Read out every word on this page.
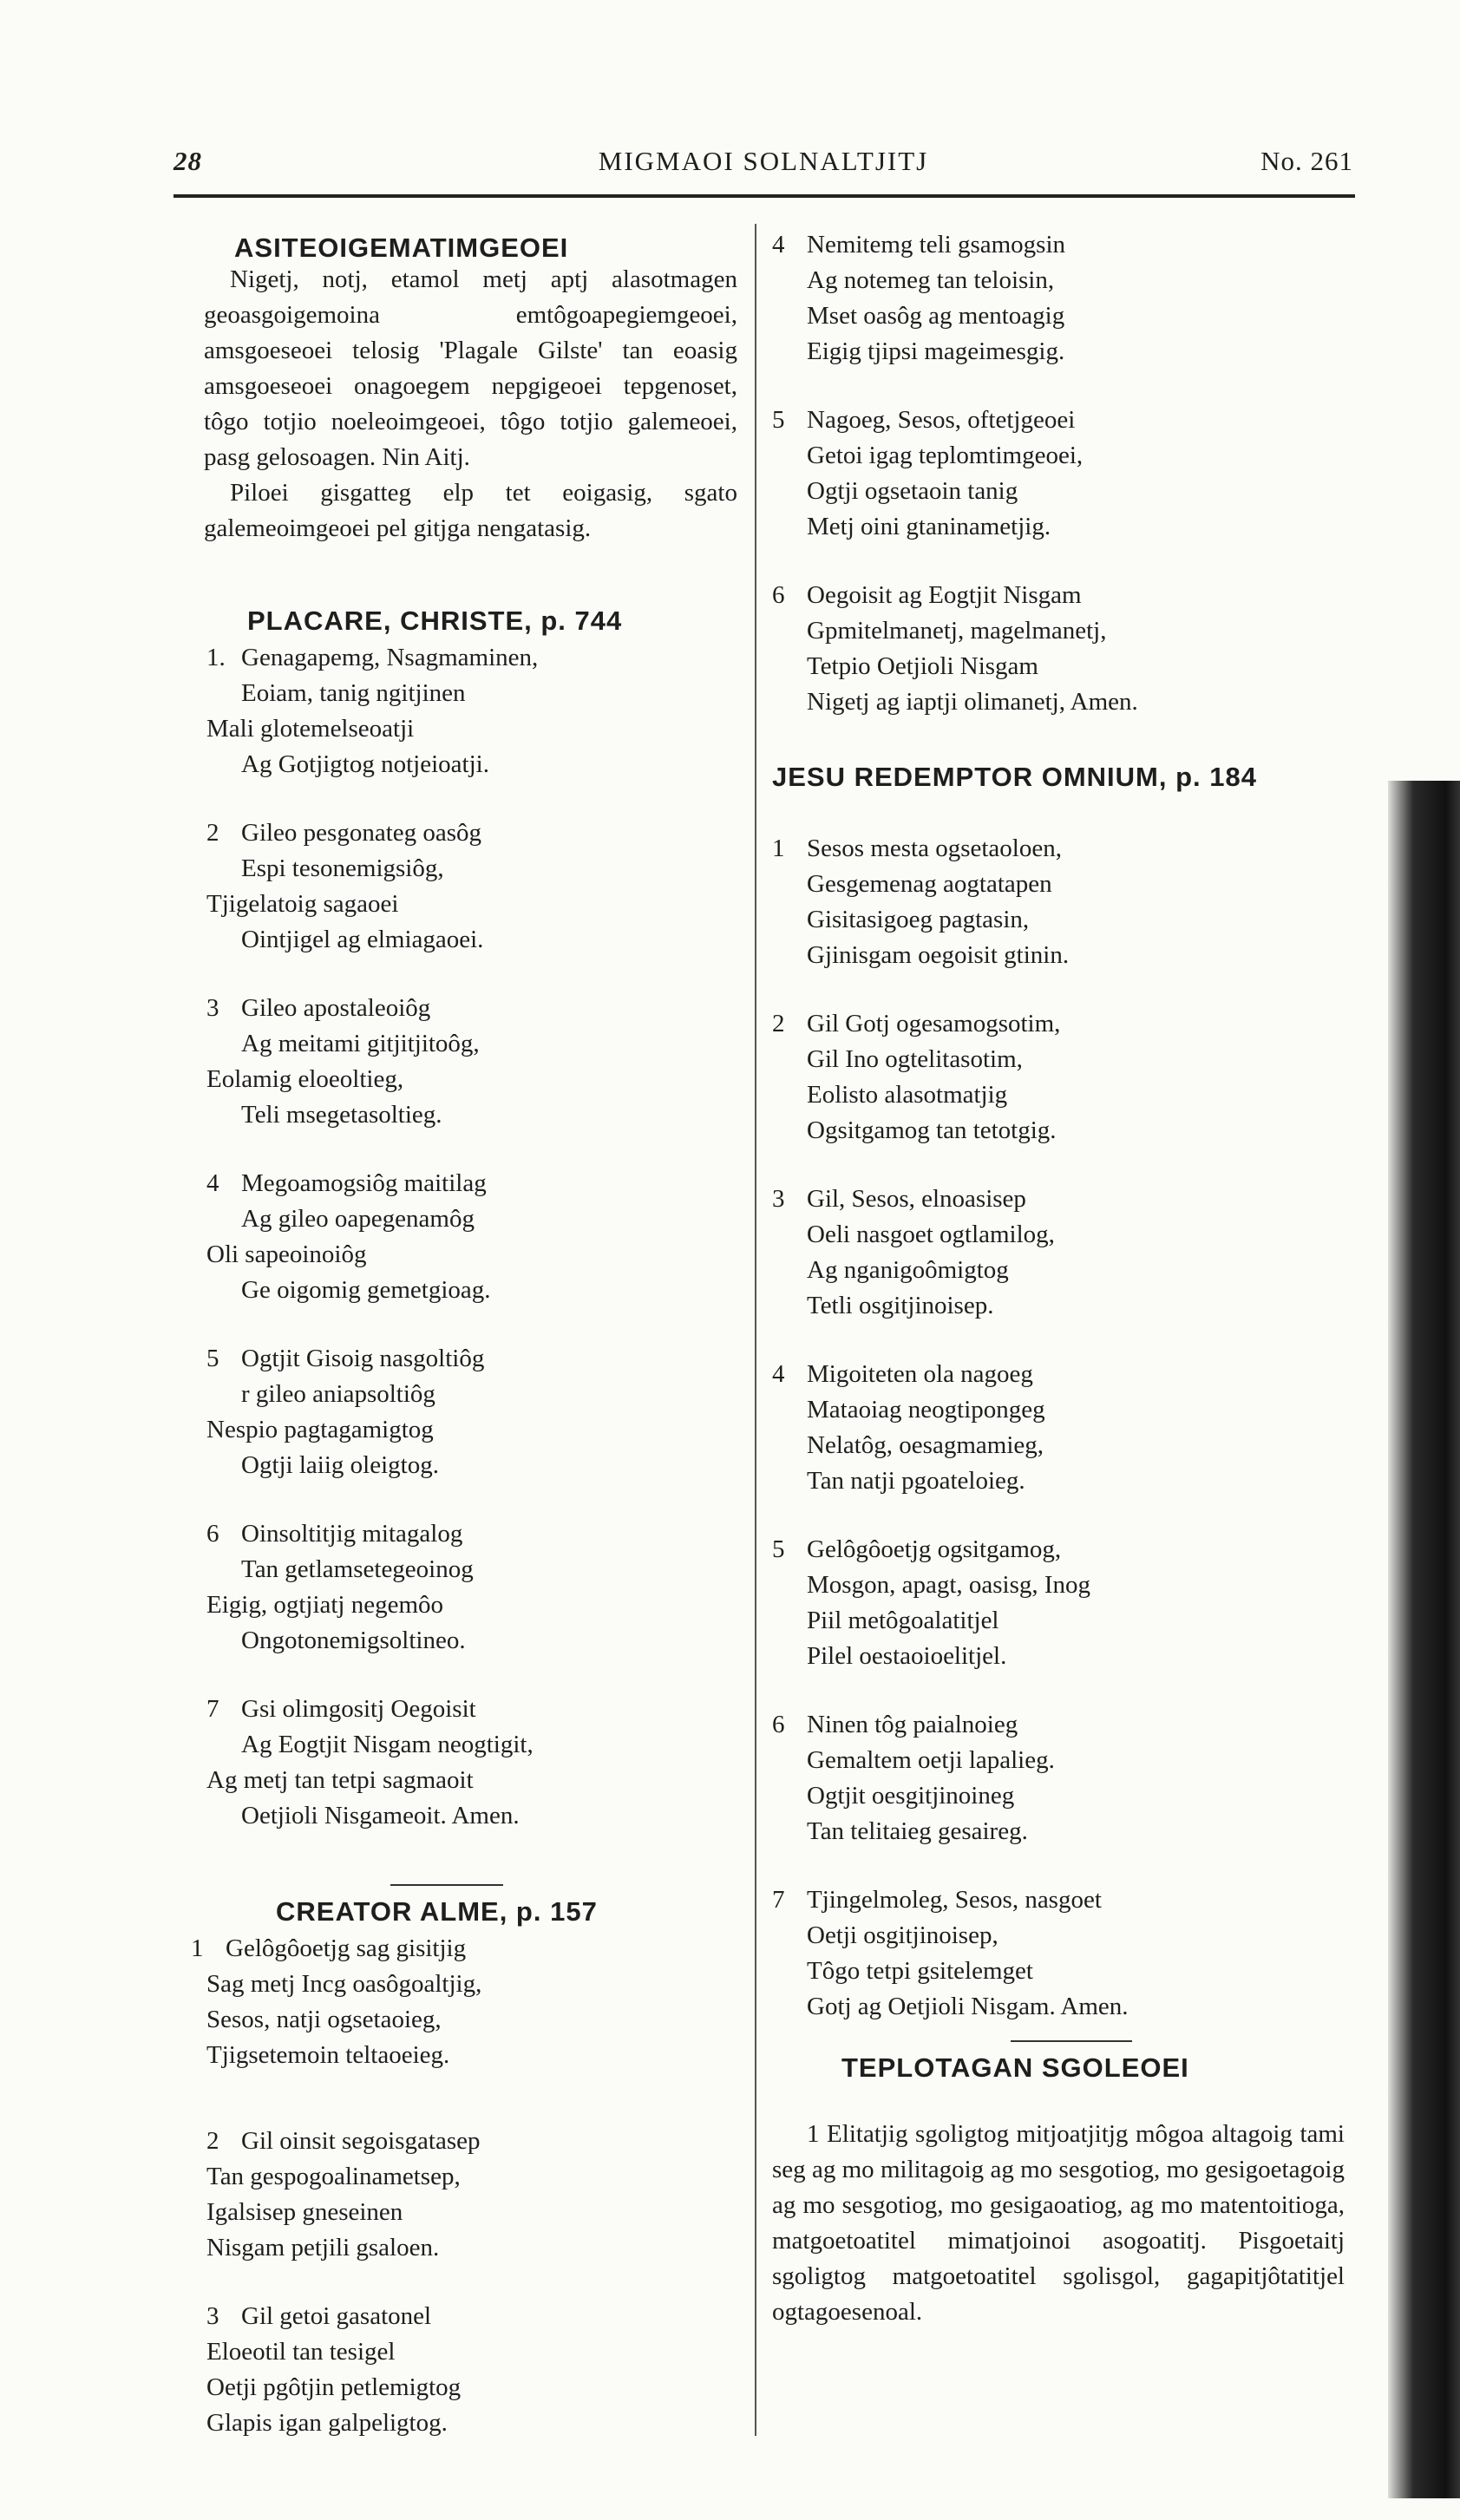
28	MIGMAOI SOLNALTJITJ	No. 261
ASITEOIGEMATIMGEOEI
Nigetj, notj, etamol metj aptj alasotmagen geoasgoigemoina emtôgoapegiemgeoei, amsgoeseoei telosig 'Plagale Gilste' tan eoasig amsgoeseoei onagoegem nepgigeoei tepgenoset, tôgo totjio noeleoimgeoei, tôgo totjio galemeoei, pasg gelosoagen. Nin Aitj.
Piloei gisgatteg elp tet eoigasig, sgato galemeoimgeoei pel gitjga nengatasig.
PLACARE, CHRISTE, p. 744
1. Genagapemg, Nsagmaminen,
Eoiam, tanig ngitjinen
Mali glotemelseoatji
Ag Gotjigtog notjeioatji.
2 Gileo pesgonateg oasôg
Espi tesonemigsiôg,
Tjigelatoig sagaoei
Ointjigel ag elmiagaoei.
3 Gileo apostaleoiôg
Ag meitami gitjitjitoôg,
Eolamig eloeoltieg,
Teli msegetasoltieg.
4 Megoamogsiôg maitilag
Ag gileo oapegenamôg
Oli sapeoinoiôg
Ge oigomig gemetgioag.
5 Ogtjit Gisoig nasgoltiôg
r gileo aniapsoltiôg
Nespio pagtagamigtog
Ogtji laiig oleigtog.
6 Oinsoltitjig mitagalog
Tan getlamsetegeoinog
Eigig, ogtjiatj negemôo
Ongotonemigsoltineo.
7 Gsi olimgositj Oegoisit
Ag Eogtjit Nisgam neogtigit,
Ag metj tan tetpi sagmaoit
Oetjioli Nisgameoit. Amen.
CREATOR ALME, p. 157
1 Gelôgôoetjg sag gisitjig
Sag metj Incg oasôgoaltjig,
Sesos, natji ogsetaoieg,
Tjigsetemoin teltaoeieg.
2 Gil oinsit segoisgatasep
Tan gespogoalinametsep,
Igalsisep gneseinen
Nisgam petjili gsaloen.
3 Gil getoi gasatonel
Eloeotil tan tesigel
Oetji pgôtjin petlemigtog
Glapis igan galpeligtog.
4 Nemitemg teli gsamogsin
Ag notemeg tan teloisin,
Mset oasôg ag mentoagig
Eigig tjipsi mageimesgig.
5 Nagoeg, Sesos, oftetjgeoei
Getoi igag teplomtimgeoei,
Ogtji ogsetaoin tanig
Metj oini gtaninametjig.
6 Oegoisit ag Eogtjit Nisgam
Gpmitelmanetj, magelmanetj,
Tetpio Oetjioli Nisgam
Nigetj ag iaptji olimanetj, Amen.
JESU REDEMPTOR OMNIUM, p. 184
1 Sesos mesta ogsetaoloen,
Gesgemenag aogtatapen
Gisitasigoeg pagtasin,
Gjinisgam oegoisit gtinin.
2 Gil Gotj ogesamogsotim,
Gil Ino ogtelitasotim,
Eolisto alasotmatjig
Ogsitgamog tan tetotgig.
3 Gil, Sesos, elnoasisep
Oeli nasgoet ogtlamilog,
Ag nganigoômigtog
Tetli osgitjinoisep.
4 Migoiteten ola nagoeg
Mataoiag neogtipongeg
Nelatôg, oesagmamieg,
Tan natji pgoateloieg.
5 Gelôgôoetjg ogsitgamog,
Mosgon, apagt, oasisg, Inog
Piil metôgoalatitjel
Pilel oestaoioelitjel.
6 Ninen tôg paialnoieg
Gemaltem oetji lapalieg.
Ogtjit oesgitjinoineg
Tan telitaieg gesaireg.
7 Tjingelmoleg, Sesos, nasgoet
Oetji osgitjinoisep,
Tôgo tetpi gsitelemget
Gotj ag Oetjioli Nisgam. Amen.
TEPLOTAGAN SGOLEOEI
1 Elitatjig sgoligtog mitjoatjitjg môgoa altagoig tami seg ag mo militagoig ag mo sesgotiog, mo gesigoetagoig ag mo sesgotiog, mo gesigaoatiog, ag mo matentoitioga, matgoetoatitel mimatjoinoi asogoatitj. Pisgoetaitj sgoligtog matgoetoatitel sgolisgol, gagapitjôtatitjel ogtagoesenoal.
